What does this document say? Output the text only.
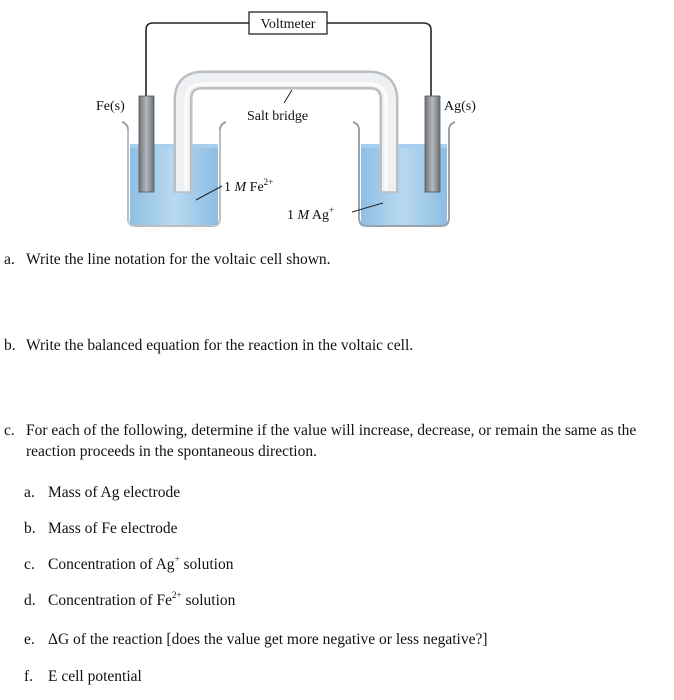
Voltmeter
Fe(s)	Ag(s)
Salt bridge
1 M $Fe^{2+}$
1 M Ag+
a. Write the line notation for the voltaic cell shown.
b. Write the balanced equation for the reaction in the voltaic cell.
c. For each of the following, determine if the value will increase, decrease, or remain the same as the reaction proceeds in the spontaneous direction.
a. Mass of Ag electrode
b. Mass of Fe electrode
c. Concentration of Ag+ solution
d. Concentration of $Fe^{2+}$ solution
e. ΔG of the reaction [does the value get more negative or less negative?]
f. E cell potential
